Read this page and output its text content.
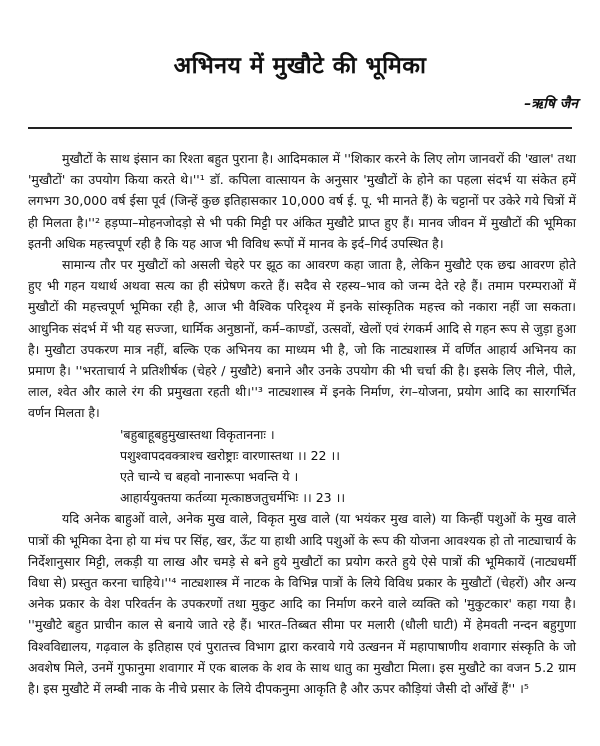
अभिनय में मुखौटे की भूमिका
–ऋषि जैन

मुखौटों के साथ इंसान का रिश्ता बहुत पुराना है। आदिमकाल में ''शिकार करने के लिए लोग जानवरों की 'खाल' तथा 'मुखौटों' का उपयोग किया करते थे।''¹ डॉ. कपिला वात्सायन के अनुसार 'मुखौटों के होने का पहला संदर्भ या संकेत हमें लगभग 30,000 वर्ष ईसा पूर्व (जिन्हें कुछ इतिहासकार 10,000 वर्ष ई. पू. भी मानते हैं) के चट्टानों पर उकेरे गये चित्रों में ही मिलता है।''² हड़प्पा–मोहनजोदड़ो से भी पकी मिट्टी पर अंकित मुखौटे प्राप्त हुए हैं। मानव जीवन में मुखौटों की भूमिका इतनी अधिक महत्त्वपूर्ण रही है कि यह आज भी विविध रूपों में मानव के इर्द–गिर्द उपस्थित है।

सामान्य तौर पर मुखौटों को असली चेहरे पर झूठ का आवरण कहा जाता है, लेकिन मुखौटे एक छद्म आवरण होते हुए भी गहन यथार्थ अथवा सत्य का ही संप्रेषण करते हैं। सदैव से रहस्य–भाव को जन्म देते रहे हैं। तमाम परम्पराओं में मुखौटों की महत्त्वपूर्ण भूमिका रही है, आज भी वैश्विक परिदृश्य में इनके सांस्कृतिक महत्त्व को नकारा नहीं जा सकता। आधुनिक संदर्भ में भी यह सज्जा, धार्मिक अनुष्ठानों, कर्म–काण्डों, उत्सवों, खेलों एवं रंगकर्म आदि से गहन रूप से जुड़ा हुआ है। मुखौटा उपकरण मात्र नहीं, बल्कि एक अभिनय का माध्यम भी है, जो कि नाट्यशास्त्र में वर्णित आहार्य अभिनय का प्रमाण है। ''भरताचार्य ने प्रतिशीर्षक (चेहरे / मुखौटे) बनाने और उनके उपयोग की भी चर्चा की है। इसके लिए नीले, पीले, लाल, श्वेत और काले रंग की प्रमुखता रहती थी।''³ नाट्यशास्त्र में इनके निर्माण, रंग–योजना, प्रयोग आदि का सारगर्भित वर्णन मिलता है।

'बहुबाहूबहुमुखास्तथा विकृताननाः ।
पशुश्वापदवक्त्राश्च खरोष्ट्राः वारणास्तथा ।। 22 ।।
एते चान्ये च बहवो नानारूपा भवन्ति ये ।
आहार्ययुक्तया कर्तव्या मृत्काष्ठजतुचर्मभिः ।। 23 ।।

यदि अनेक बाहुओं वाले, अनेक मुख वाले, विकृत मुख वाले (या भयंकर मुख वाले) या किन्हीं पशुओं के मुख वाले पात्रों की भूमिका देना हो या मंच पर सिंह, खर, ऊँट या हाथी आदि पशुओं के रूप की योजना आवश्यक हो तो नाट्याचार्य के निर्देशानुसार मिट्टी, लकड़ी या लाख और चमड़े से बने हुये मुखौटों का प्रयोग करते हुये ऐसे पात्रों की भूमिकायें (नाट्यधर्मी विधा से) प्रस्तुत करना चाहिये।''⁴ नाट्यशास्त्र में नाटक के विभिन्न पात्रों के लिये विविध प्रकार के मुखौटों (चेहरों) और अन्य अनेक प्रकार के वेश परिवर्तन के उपकरणों तथा मुकुट आदि का निर्माण करने वाले व्यक्ति को 'मुकुटकार' कहा गया है। ''मुखौटे बहुत प्राचीन काल से बनाये जाते रहे हैं। भारत–तिब्बत सीमा पर मलारी (धौली घाटी) में हेमवती नन्दन बहुगुणा विश्वविद्यालय, गढ़वाल के इतिहास एवं पुरातत्त्व विभाग द्वारा करवाये गये उत्खनन में महापाषाणीय शवागार संस्कृति के जो अवशेष मिले, उनमें गुफानुमा शवागार में एक बालक के शव के साथ धातु का मुखौटा मिला। इस मुखौटे का वजन 5.2 ग्राम है। इस मुखौटे में लम्बी नाक के नीचे प्रसार के लिये दीपकनुमा आकृति है और ऊपर कौड़ियां जैसी दो आँखें हैं'' ।⁵
